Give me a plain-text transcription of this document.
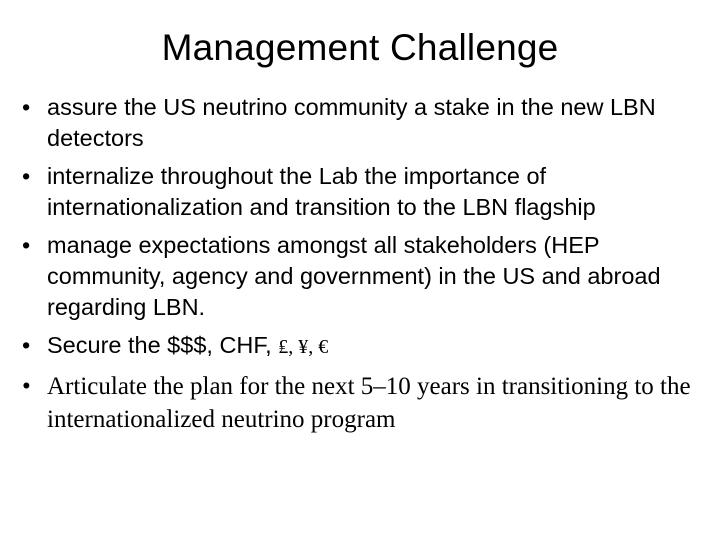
Management Challenge
• assure the US neutrino community a stake in the new LBN detectors
• internalize throughout the Lab the importance of internationalization and transition to the LBN flagship
• manage expectations amongst all stakeholders (HEP community, agency and government) in the US and abroad regarding LBN.
• Secure the $$$, CHF, ₤, ¥, €
• Articulate the plan for the next 5–10 years in transitioning to the internationalized neutrino program
